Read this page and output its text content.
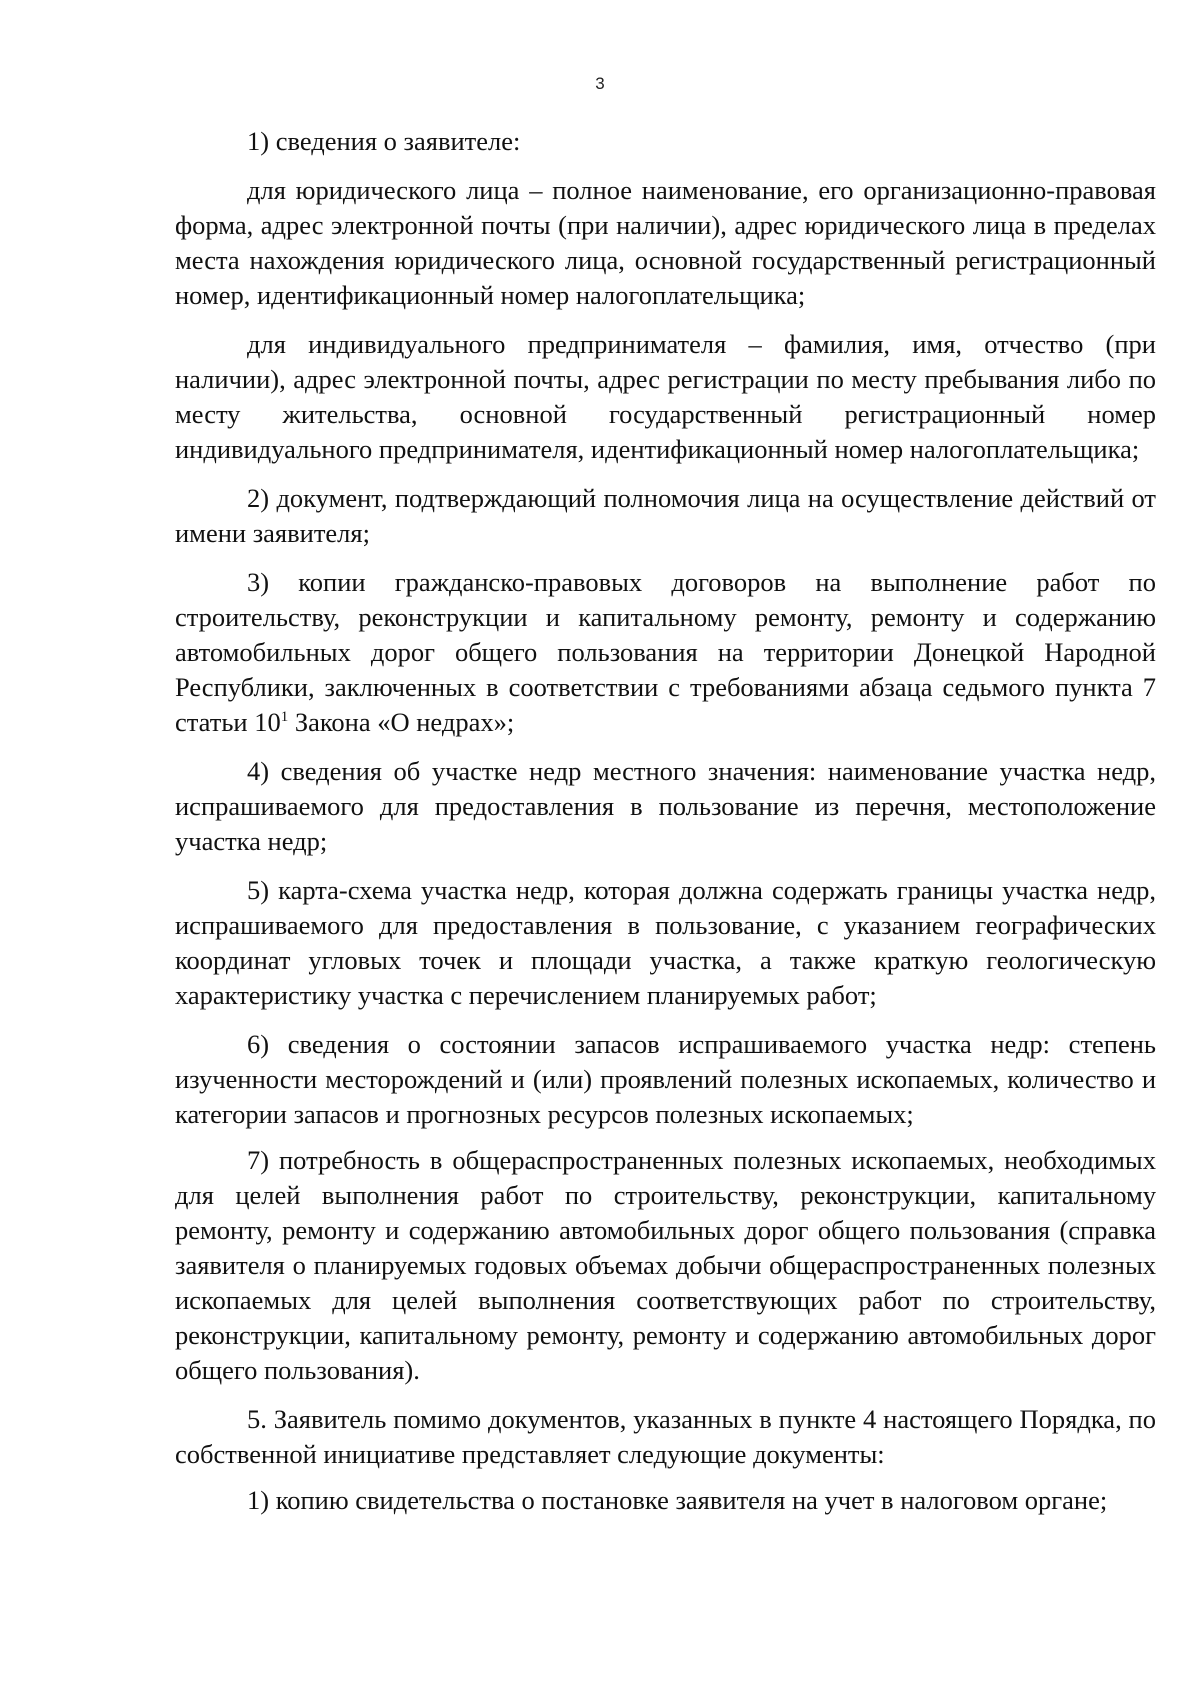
3

1) сведения о заявителе:

для юридического лица – полное наименование, его организационно-правовая форма, адрес электронной почты (при наличии), адрес юридического лица в пределах места нахождения юридического лица, основной государственный регистрационный номер, идентификационный номер налогоплательщика;

для индивидуального предпринимателя – фамилия, имя, отчество (при наличии), адрес электронной почты, адрес регистрации по месту пребывания либо по месту жительства, основной государственный регистрационный номер индивидуального предпринимателя, идентификационный номер налогоплательщика;

2) документ, подтверждающий полномочия лица на осуществление действий от имени заявителя;

3) копии гражданско-правовых договоров на выполнение работ по строительству, реконструкции и капитальному ремонту, ремонту и содержанию автомобильных дорог общего пользования на территории Донецкой Народной Республики, заключенных в соответствии с требованиями абзаца седьмого пункта 7 статьи $10^1$ Закона «О недрах»;

4) сведения об участке недр местного значения: наименование участка недр, испрашиваемого для предоставления в пользование из перечня, местоположение участка недр;

5) карта-схема участка недр, которая должна содержать границы участка недр, испрашиваемого для предоставления в пользование, с указанием географических координат угловых точек и площади участка, а также краткую геологическую характеристику участка с перечислением планируемых работ;

6) сведения о состоянии запасов испрашиваемого участка недр: степень изученности месторождений и (или) проявлений полезных ископаемых, количество и категории запасов и прогнозных ресурсов полезных ископаемых;

7) потребность в общераспространенных полезных ископаемых, необходимых для целей выполнения работ по строительству, реконструкции, капитальному ремонту, ремонту и содержанию автомобильных дорог общего пользования (справка заявителя о планируемых годовых объемах добычи общераспространенных полезных ископаемых для целей выполнения соответствующих работ по строительству, реконструкции, капитальному ремонту, ремонту и содержанию автомобильных дорог общего пользования).

5. Заявитель помимо документов, указанных в пункте 4 настоящего Порядка, по собственной инициативе представляет следующие документы:

1) копию свидетельства о постановке заявителя на учет в налоговом органе;
